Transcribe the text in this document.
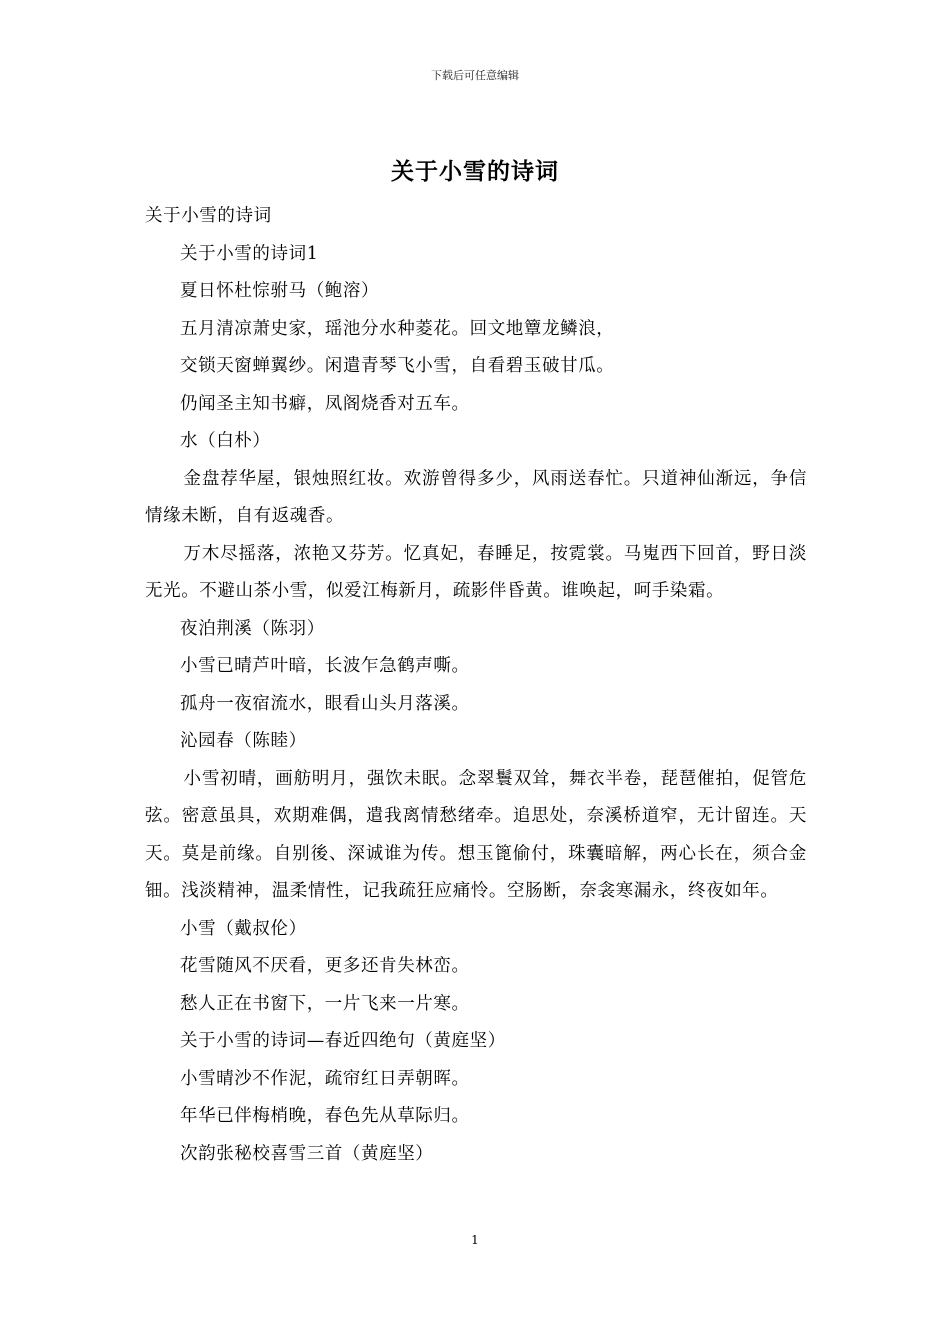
下载后可任意编辑
关于小雪的诗词

关于小雪的诗词

关于小雪的诗词1

夏日怀杜悰驸马（鲍溶）

五月清凉萧史家，瑶池分水种菱花。回文地簟龙鳞浪，

交锁天窗蝉翼纱。闲遣青琴飞小雪，自看碧玉破甘瓜。

仍闻圣主知书癖，凤阁烧香对五车。

水（白朴）

金盘荐华屋，银烛照红妆。欢游曾得多少，风雨送春忙。只道神仙渐远，争信情缘未断，自有返魂香。

万木尽摇落，浓艳又芬芳。忆真妃，春睡足，按霓裳。马嵬西下回首，野日淡无光。不避山茶小雪，似爱江梅新月，疏影伴昏黄。谁唤起，呵手染霜。

夜泊荆溪（陈羽）

小雪已晴芦叶暗，长波乍急鹤声嘶。

孤舟一夜宿流水，眼看山头月落溪。

沁园春（陈睦）

小雪初晴，画舫明月，强饮未眠。念翠鬟双耸，舞衣半卷，琵琶催拍，促管危弦。密意虽具，欢期难偶，遣我离情愁绪牵。追思处，奈溪桥道窄，无计留连。天天。莫是前缘。自别後、深诚谁为传。想玉篦偷付，珠囊暗解，两心长在，须合金钿。浅淡精神，温柔情性，记我疏狂应痛怜。空肠断，奈衾寒漏永，终夜如年。

小雪（戴叔伦）

花雪随风不厌看，更多还肯失林峦。

愁人正在书窗下，一片飞来一片寒。

关于小雪的诗词—春近四绝句（黄庭坚）

小雪晴沙不作泥，疏帘红日弄朝晖。

年华已伴梅梢晚，春色先从草际归。

次韵张秘校喜雪三首（黄庭坚）

1
